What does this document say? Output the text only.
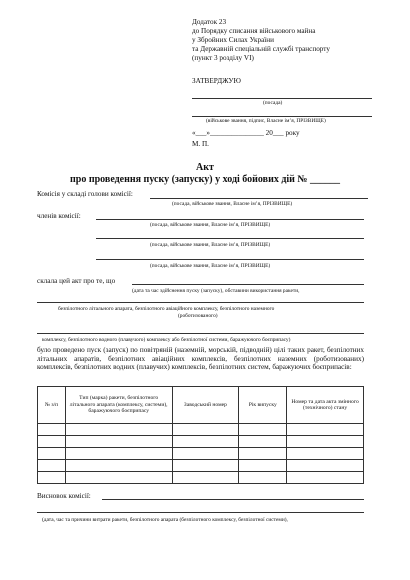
Додаток 23
до Порядку списання військового майна
у Збройних Силах України
та Державній спеціальній службі транспорту
(пункт 3 розділу VI)
ЗАТВЕРДЖУЮ
(посада)
(військове звання, підпис, Власне ім’я, ПРІЗВИЩЕ)
«___»_______________ 20___ року
М. П.
Акт
про проведення пуску (запуску) у ході бойових дій № ______
Комісія у складі голови комісії:
(посада, військове звання, Власне ім’я, ПРІЗВИЩЕ)
членів комісії:
(посада, військове звання, Власне ім’я, ПРІЗВИЩЕ)
(посада, військове звання, Власне ім’я, ПРІЗВИЩЕ)
(посада, військове звання, Власне ім’я, ПРІЗВИЩЕ)
склала цей акт про те, що
(дата та час здійснення пуску (запуску), обставини використання ракети,
безпілотного літального апарата, безпілотного авіаційного комплексу, безпілотного наземного
(роботизованого)
комплексу, безпілотного водного (плавучого) комплексу або безпілотної системи, баражуючого боєприпасу)
було проведено пуск (запуск) по повітряній (наземній, морській, підводній) цілі таких ракет, безпілотних літальних апаратів, безпілотних авіаційних комплексів, безпілотних наземних (роботизованих) комплексів, безпілотних водних (плавучих) комплексів, безпілотних систем, баражуючих боєприпасів:
№ з/п	Тип (марка) ракети, безпілотного літального апарата (комплексу, системи), баражуючого боєприпасу	Заводський номер	Рік випуску	Номер та дата акта змінного (технічного) стану

Висновок комісії:
(дата, час та причини витрати ракети, безпілотного апарата (безпілотного комплексу, безпілотної системи),
